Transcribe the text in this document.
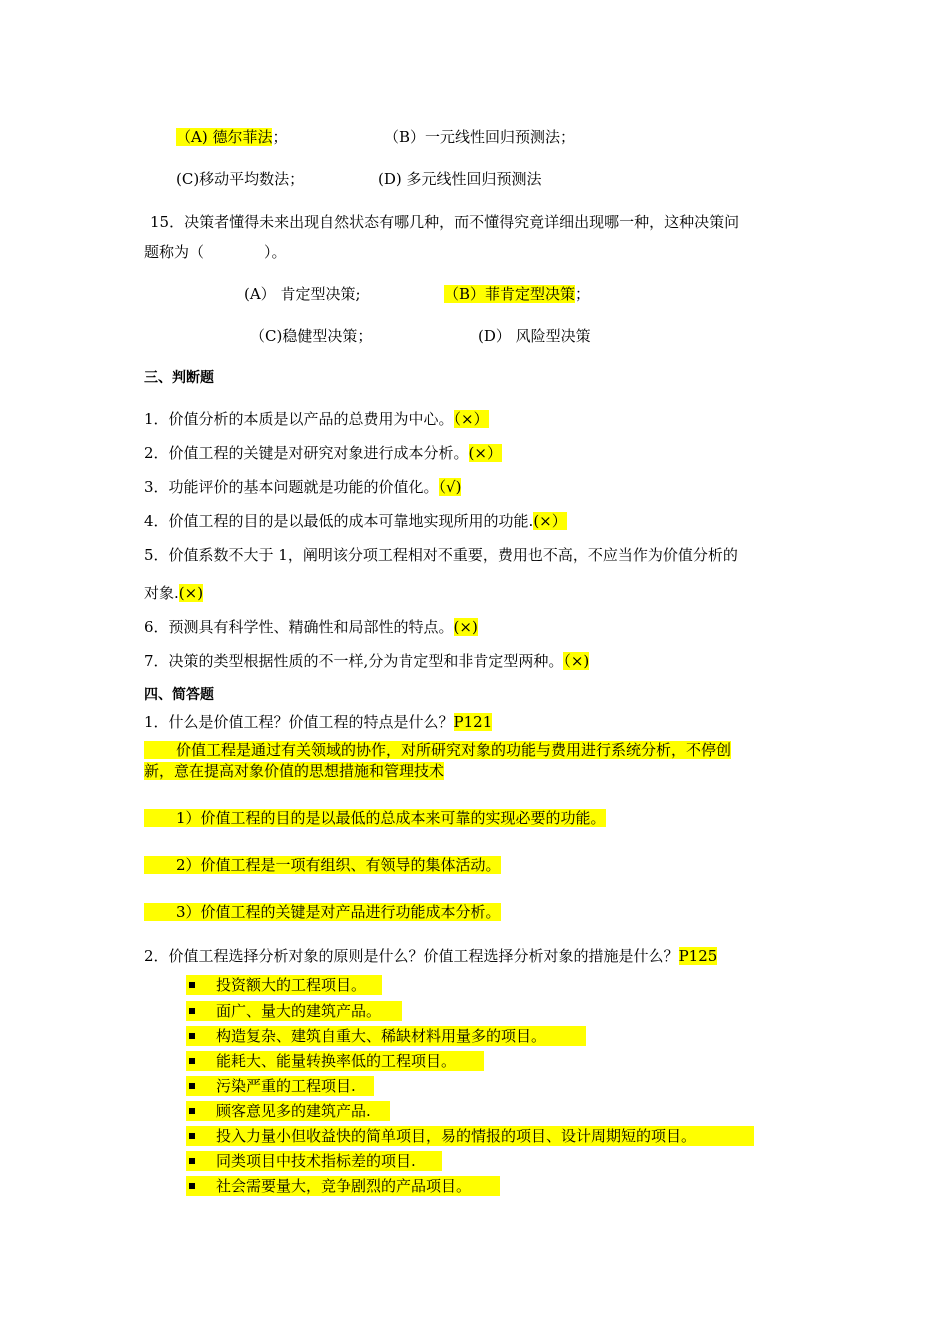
（A) 德尔菲法；	（B）一元线性回归预测法；
(C)移动平均数法；	(D) 多元线性回归预测法
15．决策者懂得未来出现自然状态有哪几种，而不懂得究竟详细出现哪一种，这种决策问
题称为（　　　　）。
(A） 肯定型决策;	（B）菲肯定型决策；
（C)稳健型决策；	(D） 风险型决策
三、判断题
1．价值分析的本质是以产品的总费用为中心。（×）
2．价值工程的关键是对研究对象进行成本分析。(×）
3．功能评价的基本问题就是功能的价值化。（√)
4．价值工程的目的是以最低的成本可靠地实现所用的功能.(×）
5．价值系数不大于 1，阐明该分项工程相对不重要，费用也不高，不应当作为价值分析的
对象.(×)
6．预测具有科学性、精确性和局部性的特点。(×)
7．决策的类型根据性质的不一样,分为肯定型和非肯定型两种。（×)
四、简答题
1．什么是价值工程？价值工程的特点是什么？P121
价值工程是通过有关领域的协作，对所研究对象的功能与费用进行系统分析，不停创
新，意在提高对象价值的思想措施和管理技术
1）价值工程的目的是以最低的总成本来可靠的实现必要的功能。
2）价值工程是一项有组织、有领导的集体活动。
3）价值工程的关键是对产品进行功能成本分析。
2．价值工程选择分析对象的原则是什么？价值工程选择分析对象的措施是什么？P125
投资额大的工程项目。
面广、量大的建筑产品。
构造复杂、建筑自重大、稀缺材料用量多的项目。
能耗大、能量转换率低的工程项目。
污染严重的工程项目.
顾客意见多的建筑产品.
投入力量小但收益快的简单项目，易的情报的项目、设计周期短的项目。
同类项目中技术指标差的项目.
社会需要量大，竞争剧烈的产品项目。
